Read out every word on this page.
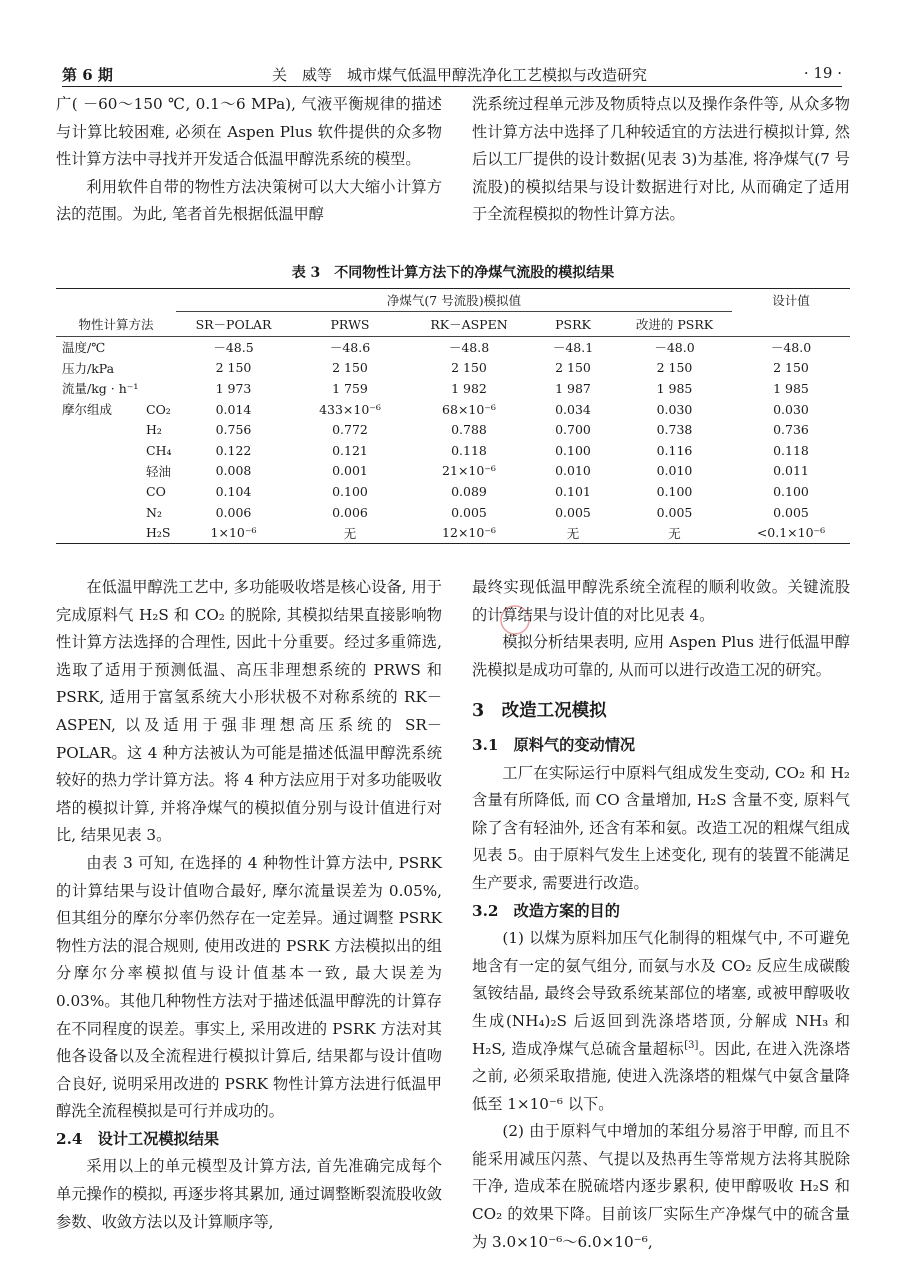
第 6 期	关　威等　城市煤气低温甲醇洗净化工艺模拟与改造研究	· 19 ·

广( －60～150 ℃, 0.1～6 MPa), 气液平衡规律的描述与计算比较困难, 必须在 Aspen Plus 软件提供的众多物性计算方法中寻找并开发适合低温甲醇洗系统的模型。

利用软件自带的物性方法决策树可以大大缩小计算方法的范围。为此, 笔者首先根据低温甲醇

洗系统过程单元涉及物质特点以及操作条件等, 从众多物性计算方法中选择了几种较适宜的方法进行模拟计算, 然后以工厂提供的设计数据(见表 3)为基准, 将净煤气(7 号流股)的模拟结果与设计数据进行对比, 从而确定了适用于全流程模拟的物性计算方法。

表 3　不同物性计算方法下的净煤气流股的模拟结果
		净煤气(7 号流股)模拟值					设计值
物性计算方法		SR－POLAR	PRWS	RK－ASPEN	PSRK	改进的 PSRK	
温度/℃		－48.5	－48.6	－48.8	－48.1	－48.0	－48.0
压力/kPa		2 150	2 150	2 150	2 150	2 150	2 150
流量/kg · h⁻¹		1 973	1 759	1 982	1 987	1 985	1 985
摩尔组成	CO₂	0.014	433×10⁻⁶	68×10⁻⁶	0.034	0.030	0.030
	H₂	0.756	0.772	0.788	0.700	0.738	0.736
	CH₄	0.122	0.121	0.118	0.100	0.116	0.118
	轻油	0.008	0.001	21×10⁻⁶	0.010	0.010	0.011
	CO	0.104	0.100	0.089	0.101	0.100	0.100
	N₂	0.006	0.006	0.005	0.005	0.005	0.005
	H₂S	1×10⁻⁶	无	12×10⁻⁶	无	无	<0.1×10⁻⁶

在低温甲醇洗工艺中, 多功能吸收塔是核心设备, 用于完成原料气 H₂S 和 CO₂ 的脱除, 其模拟结果直接影响物性计算方法选择的合理性, 因此十分重要。经过多重筛选, 选取了适用于预测低温、高压非理想系统的 PRWS 和 PSRK, 适用于富氢系统大小形状极不对称系统的 RK－ASPEN, 以及适用于强非理想高压系统的 SR－POLAR。这 4 种方法被认为可能是描述低温甲醇洗系统较好的热力学计算方法。将 4 种方法应用于对多功能吸收塔的模拟计算, 并将净煤气的模拟值分别与设计值进行对比, 结果见表 3。

由表 3 可知, 在选择的 4 种物性计算方法中, PSRK 的计算结果与设计值吻合最好, 摩尔流量误差为 0.05%, 但其组分的摩尔分率仍然存在一定差异。通过调整 PSRK 物性方法的混合规则, 使用改进的 PSRK 方法模拟出的组分摩尔分率模拟值与设计值基本一致, 最大误差为 0.03%。其他几种物性方法对于描述低温甲醇洗的计算存在不同程度的误差。事实上, 采用改进的 PSRK 方法对其他各设备以及全流程进行模拟计算后, 结果都与设计值吻合良好, 说明采用改进的 PSRK 物性计算方法进行低温甲醇洗全流程模拟是可行并成功的。

2.4　设计工况模拟结果

采用以上的单元模型及计算方法, 首先准确完成每个单元操作的模拟, 再逐步将其累加, 通过调整断裂流股收敛参数、收敛方法以及计算顺序等,

最终实现低温甲醇洗系统全流程的顺利收敛。关键流股的计算结果与设计值的对比见表 4。

模拟分析结果表明, 应用 Aspen Plus 进行低温甲醇洗模拟是成功可靠的, 从而可以进行改造工况的研究。

3　改造工况模拟
3.1　原料气的变动情况

工厂在实际运行中原料气组成发生变动, CO₂ 和 H₂ 含量有所降低, 而 CO 含量增加, H₂S 含量不变, 原料气除了含有轻油外, 还含有苯和氨。改造工况的粗煤气组成见表 5。由于原料气发生上述变化, 现有的装置不能满足生产要求, 需要进行改造。

3.2　改造方案的目的

(1) 以煤为原料加压气化制得的粗煤气中, 不可避免地含有一定的氨气组分, 而氨与水及 CO₂ 反应生成碳酸氢铵结晶, 最终会导致系统某部位的堵塞, 或被甲醇吸收生成(NH₄)₂S 后返回到洗涤塔塔顶, 分解成 NH₃ 和 H₂S, 造成净煤气总硫含量超标[3]。因此, 在进入洗涤塔之前, 必须采取措施, 使进入洗涤塔的粗煤气中氨含量降低至 1×10⁻⁶ 以下。

(2) 由于原料气中增加的苯组分易溶于甲醇, 而且不能采用减压闪蒸、气提以及热再生等常规方法将其脱除干净, 造成苯在脱硫塔内逐步累积, 使甲醇吸收 H₂S 和 CO₂ 的效果下降。目前该厂实际生产净煤气中的硫含量为 3.0×10⁻⁶～6.0×10⁻⁶,
